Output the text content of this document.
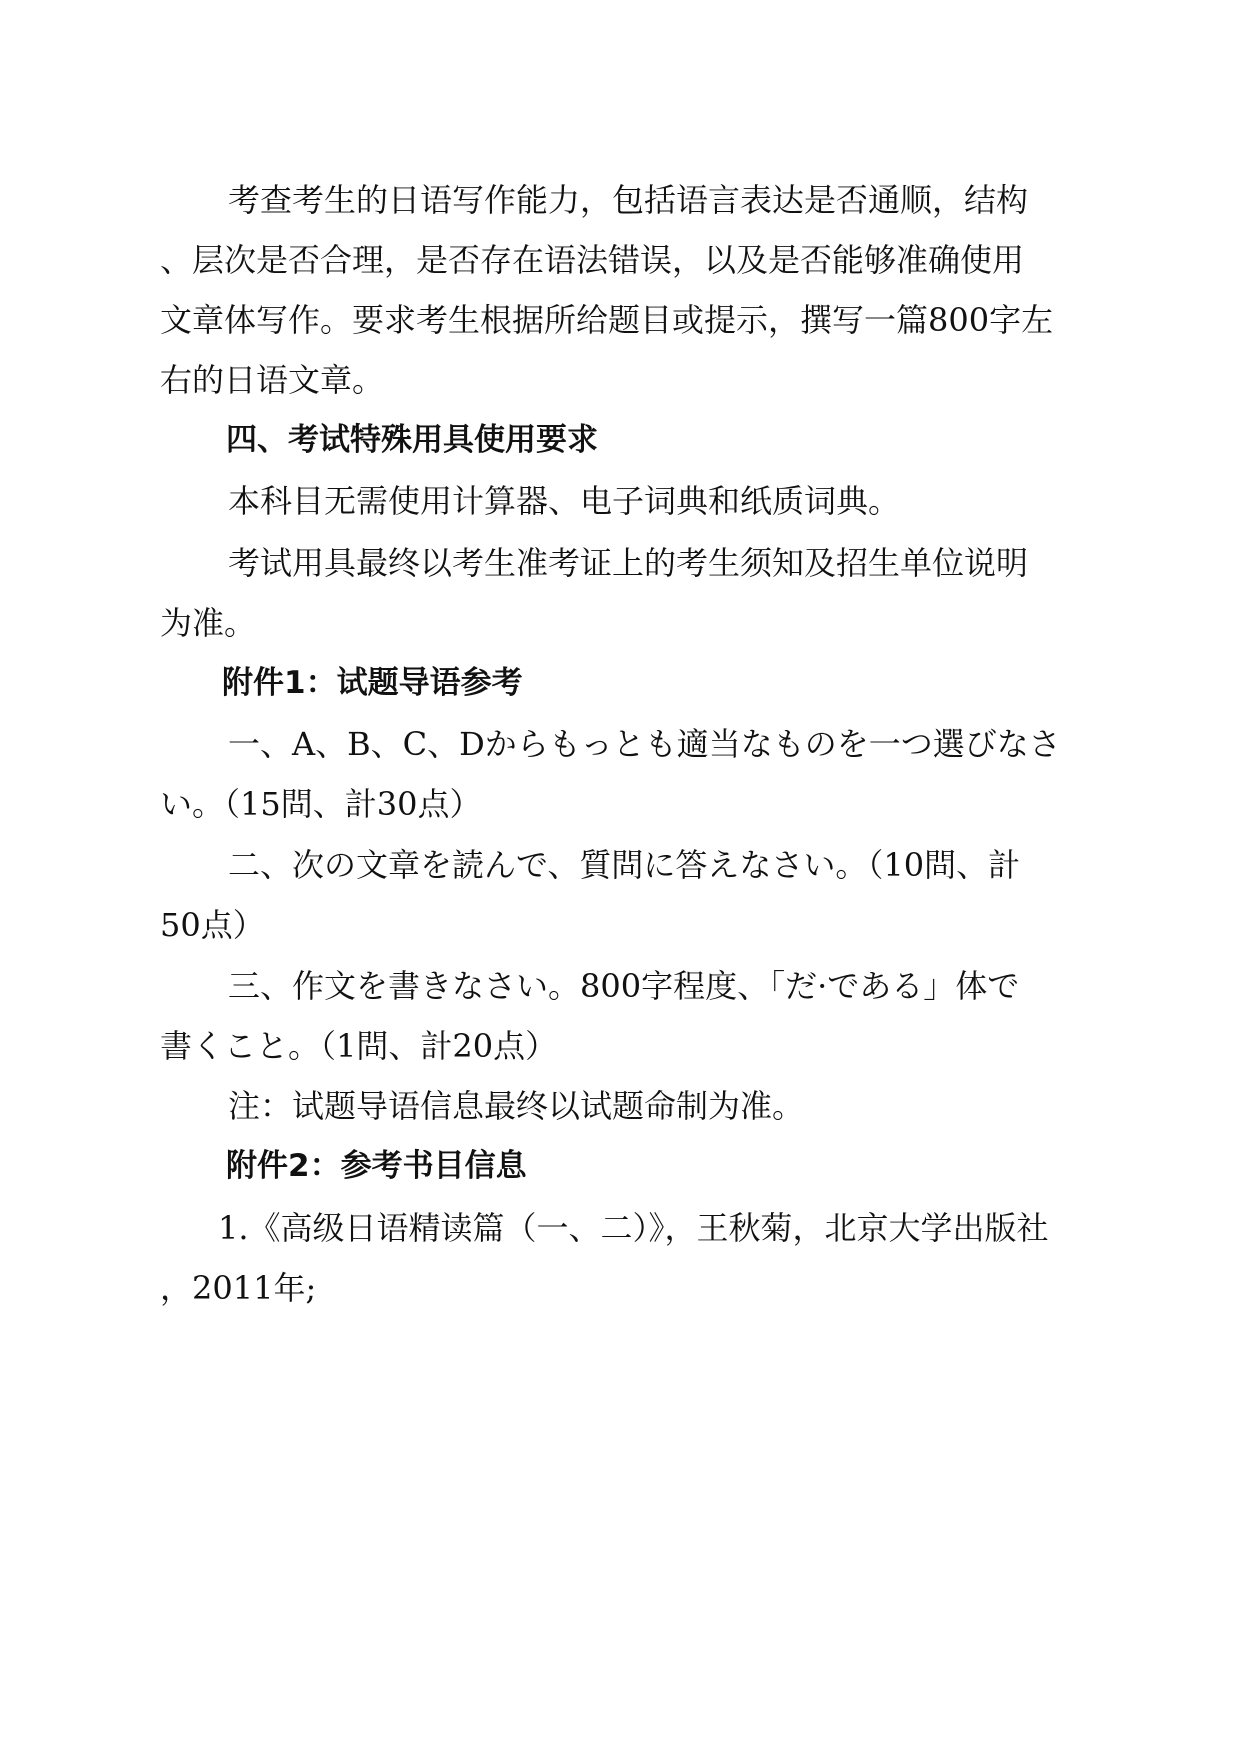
考查考生的日语写作能力，包括语言表达是否通顺，结构
、层次是否合理，是否存在语法错误，以及是否能够准确使用
文章体写作。要求考生根据所给题目或提示，撰写一篇800字左
右的日语文章。
四、考试特殊用具使用要求
本科目无需使用计算器、电子词典和纸质词典。
考试用具最终以考生准考证上的考生须知及招生单位说明
为准。
附件1：试题导语参考
一、A、B、C、Dからもっとも適当なものを一つ選びなさ
い。（15問、計30点）
二、次の文章を読んで、質問に答えなさい。（10問、計
50点）
三、作文を書きなさい。800字程度、「だ·である」体で
書くこと。（1問、計20点）
注：试题导语信息最终以试题命制为准。
附件2：参考书目信息
1.《高级日语精读篇（一、二）》，王秋菊，北京大学出版社
，2011年;
